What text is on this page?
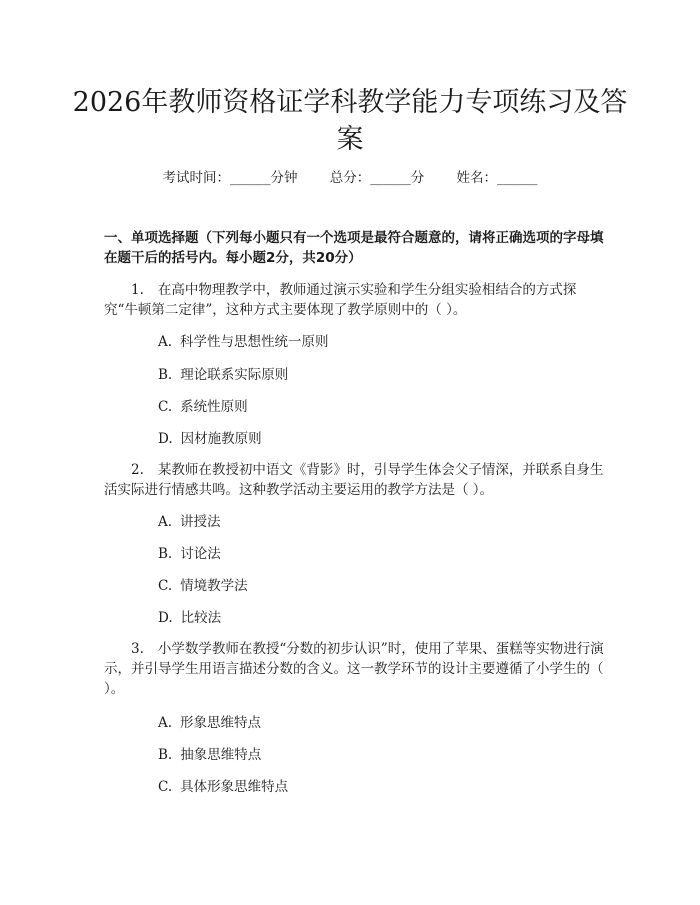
2026年教师资格证学科教学能力专项练习及答案
考试时间：______分钟 总分：______分 姓名：______

一、单项选择题（下列每小题只有一个选项是最符合题意的，请将正确选项的字母填在题干后的括号内。每小题2分，共20分）

1. 在高中物理教学中，教师通过演示实验和学生分组实验相结合的方式探究“牛顿第二定律”，这种方式主要体现了教学原则中的（ ）。

A. 科学性与思想性统一原则

B. 理论联系实际原则

C. 系统性原则

D. 因材施教原则

2. 某教师在教授初中语文《背影》时，引导学生体会父子情深，并联系自身生活实际进行情感共鸣。这种教学活动主要运用的教学方法是（ ）。

A. 讲授法

B. 讨论法

C. 情境教学法

D. 比较法

3. 小学数学教师在教授“分数的初步认识”时，使用了苹果、蛋糕等实物进行演示，并引导学生用语言描述分数的含义。这一教学环节的设计主要遵循了小学生的（ ）。

A. 形象思维特点

B. 抽象思维特点

C. 具体形象思维特点
